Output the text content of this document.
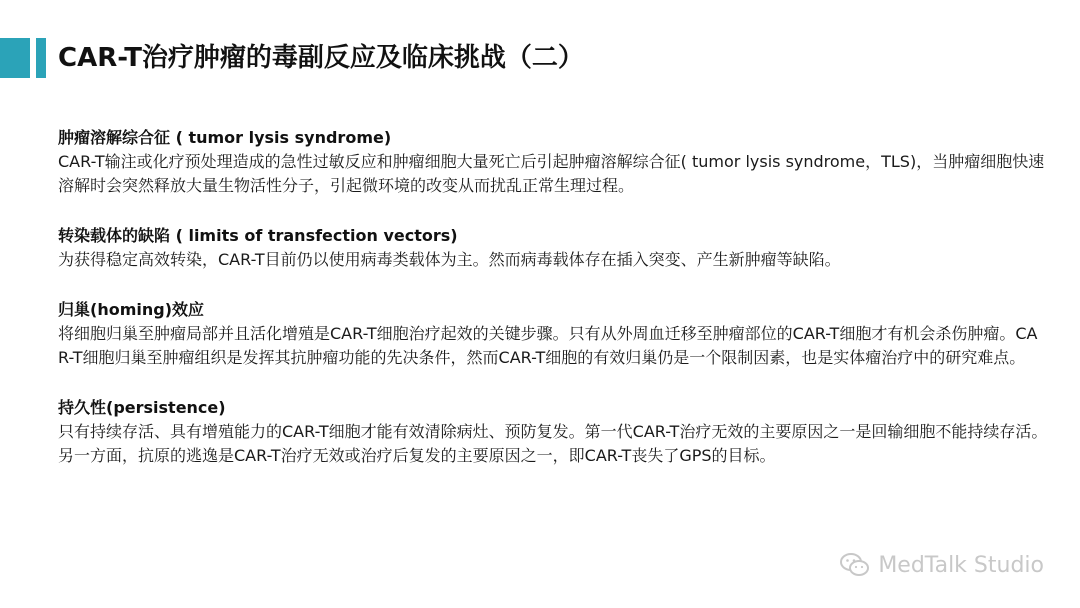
CAR-T治疗肿瘤的毒副反应及临床挑战（二）
肿瘤溶解综合征 ( tumor lysis syndrome)
CAR-T输注或化疗预处理造成的急性过敏反应和肿瘤细胞大量死亡后引起肿瘤溶解综合征( tumor lysis syndrome，TLS)，当肿瘤细胞快速溶解时会突然释放大量生物活性分子，引起微环境的改变从而扰乱正常生理过程。
转染载体的缺陷 ( limits of transfection vectors)
为获得稳定高效转染，CAR-T目前仍以使用病毒类载体为主。然而病毒载体存在插入突变、产生新肿瘤等缺陷。
归巢(homing)效应
将细胞归巢至肿瘤局部并且活化增殖是CAR-T细胞治疗起效的关键步骤。只有从外周血迁移至肿瘤部位的CAR-T细胞才有机会杀伤肿瘤。CAR-T细胞归巢至肿瘤组织是发挥其抗肿瘤功能的先决条件，然而CAR-T细胞的有效归巢仍是一个限制因素，也是实体瘤治疗中的研究难点。
持久性(persistence)
只有持续存活、具有增殖能力的CAR-T细胞才能有效清除病灶、预防复发。第一代CAR-T治疗无效的主要原因之一是回输细胞不能持续存活。另一方面，抗原的逃逸是CAR-T治疗无效或治疗后复发的主要原因之一，即CAR-T丧失了GPS的目标。
MedTalk Studio
